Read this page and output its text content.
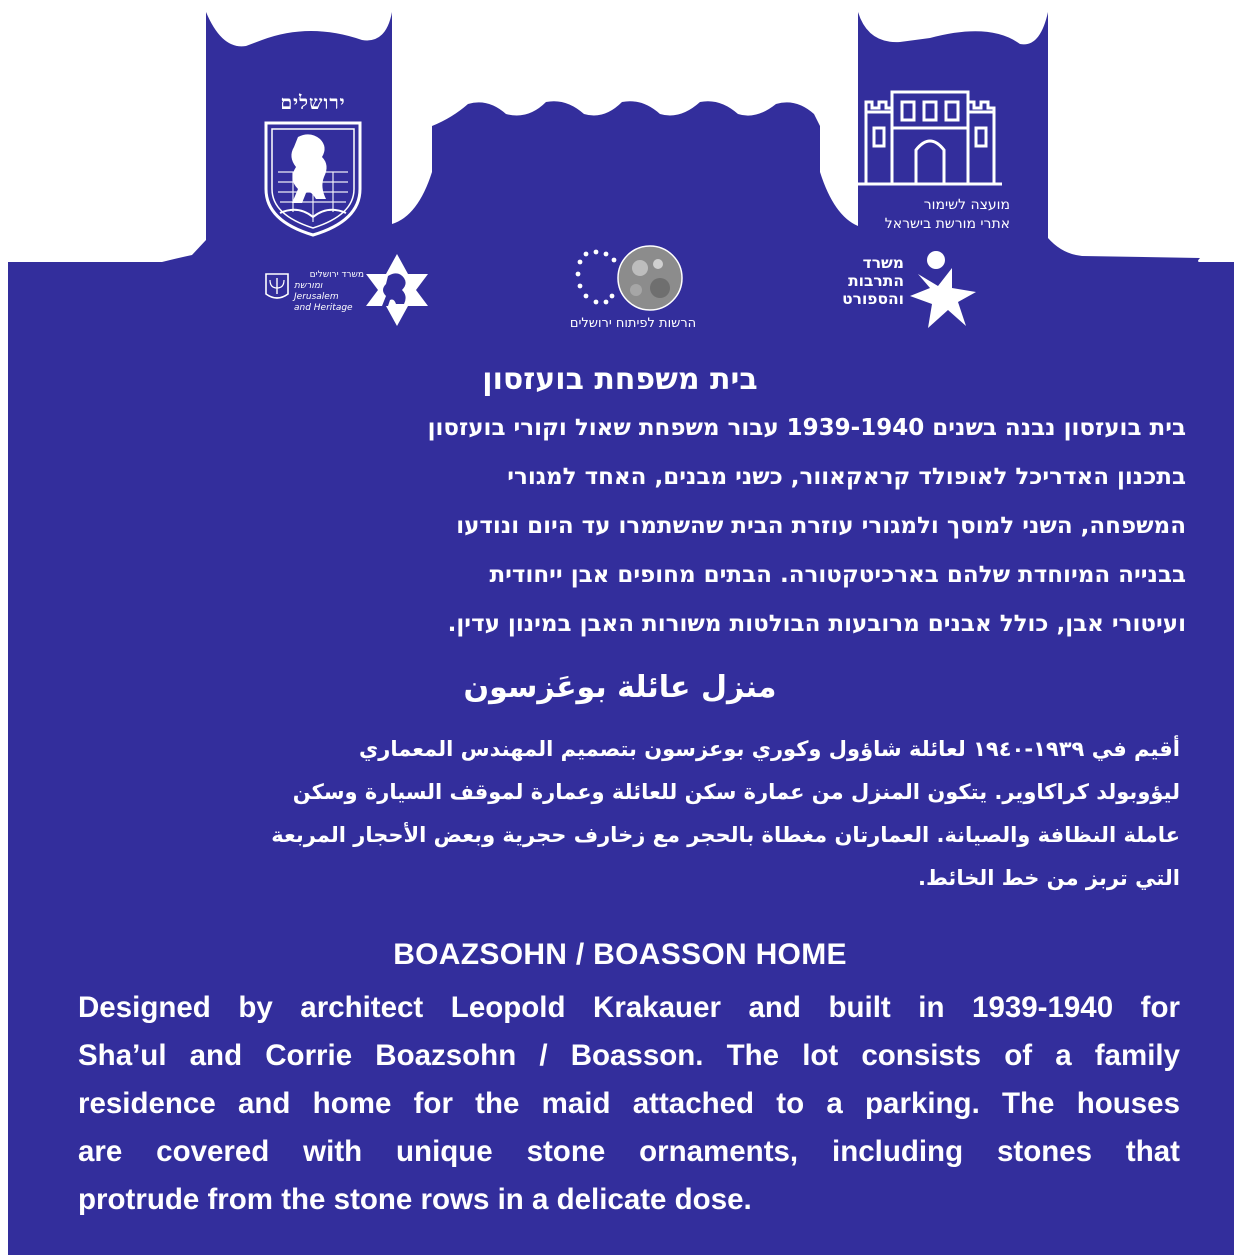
ירושלים
מועצה לשימור
אתרי מורשת בישראל
משרד ירושלים
ומורשת Jerusalem
and Heritage
הרשות לפיתוח ירושלים
משרד
התרבות
והספורט
בית משפחת בועזסון
בית בועזסון נבנה בשנים 1939-1940 עבור משפחת שאול וקורי בועזסון
בתכנון האדריכל לאופולד קראקאוור, כשני מבנים, האחד למגורי
המשפחה, השני למוסך ולמגורי עוזרת הבית שהשתמרו עד היום ונודעו
בבנייה המיוחדת שלהם בארכיטקטורה. הבתים מחופים אבן ייחודית
ועיטורי אבן, כולל אבנים מרובעות הבולטות משורות האבן במינון עדין.
منزل عائلة بوعَزسون
أقيم في ١٩٣٩-١٩٤٠ لعائلة شاؤول وكوري بوعزسون بتصميم المهندس المعماري
ليؤوبولد كراكاوير. يتكون المنزل من عمارة سكن للعائلة وعمارة لموقف السيارة وسكن
عاملة النظافة والصيانة. العمارتان مغطاة بالحجر مع زخارف حجرية وبعض الأحجار المربعة
التي تربز من خط الخائط.
BOAZSOHN / BOASSON HOME
Designed by architect Leopold Krakauer and built in 1939-1940 for
Sha’ul and Corrie Boazsohn / Boasson. The lot consists of a family
residence and home for the maid attached to a parking. The houses
are covered with unique stone ornaments, including stones that
protrude from the stone rows in a delicate dose.
